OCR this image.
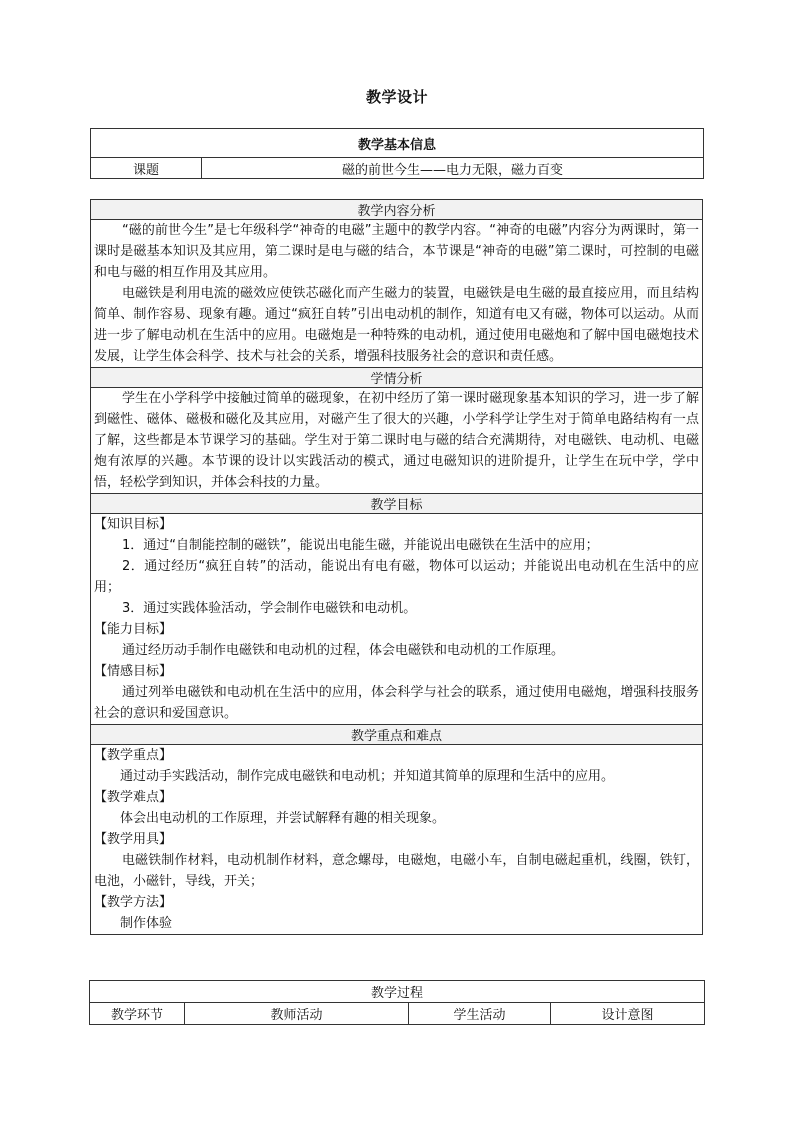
教学设计
教学基本信息
课题	磁的前世今生——电力无限，磁力百变
教学内容分析

“磁的前世今生”是七年级科学“神奇的电磁”主题中的教学内容。“神奇的电磁”内容分为两课时，第一课时是磁基本知识及其应用，第二课时是电与磁的结合，本节课是“神奇的电磁”第二课时，可控制的电磁和电与磁的相互作用及其应用。

电磁铁是利用电流的磁效应使铁芯磁化而产生磁力的装置，电磁铁是电生磁的最直接应用，而且结构简单、制作容易、现象有趣。通过“疯狂自转”引出电动机的制作，知道有电又有磁，物体可以运动。从而进一步了解电动机在生活中的应用。电磁炮是一种特殊的电动机，通过使用电磁炮和了解中国电磁炮技术发展，让学生体会科学、技术与社会的关系，增强科技服务社会的意识和责任感。

学情分析

学生在小学科学中接触过简单的磁现象，在初中经历了第一课时磁现象基本知识的学习，进一步了解到磁性、磁体、磁极和磁化及其应用，对磁产生了很大的兴趣，小学科学让学生对于简单电路结构有一点了解，这些都是本节课学习的基础。学生对于第二课时电与磁的结合充满期待，对电磁铁、电动机、电磁炮有浓厚的兴趣。本节课的设计以实践活动的模式，通过电磁知识的进阶提升，让学生在玩中学，学中悟，轻松学到知识，并体会科技的力量。

教学目标

【知识目标】

1．通过“自制能控制的磁铁”，能说出电能生磁，并能说出电磁铁在生活中的应用；

2．通过经历“疯狂自转”的活动，能说出有电有磁，物体可以运动；并能说出电动机在生活中的应用；

3．通过实践体验活动，学会制作电磁铁和电动机。

【能力目标】

通过经历动手制作电磁铁和电动机的过程，体会电磁铁和电动机的工作原理。

【情感目标】

通过列举电磁铁和电动机在生活中的应用，体会科学与社会的联系，通过使用电磁炮，增强科技服务社会的意识和爱国意识。

教学重点和难点

【教学重点】

通过动手实践活动，制作完成电磁铁和电动机；并知道其简单的原理和生活中的应用。

【教学难点】

体会出电动机的工作原理，并尝试解释有趣的相关现象。

【教学用具】

电磁铁制作材料，电动机制作材料，意念螺母，电磁炮，电磁小车，自制电磁起重机，线圈，铁钉，电池，小磁针，导线，开关；

【教学方法】

制作体验

教学过程
教学环节	教师活动	学生活动	设计意图
